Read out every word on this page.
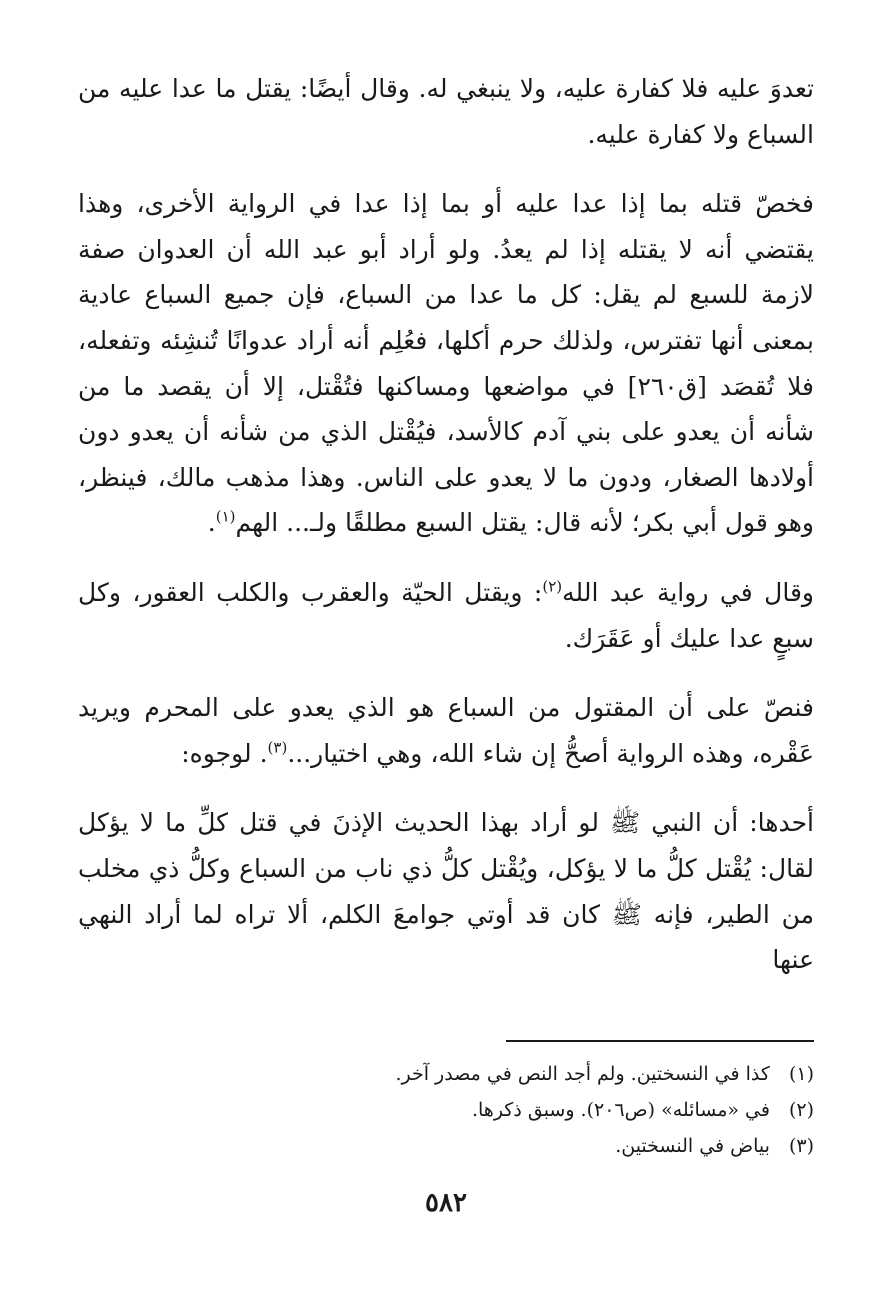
تعدوَ عليه فلا كفارة عليه، ولا ينبغي له. وقال أيضًا: يقتل ما عدا عليه من السباع ولا كفارة عليه.

فخصّ قتله بما إذا عدا عليه أو بما إذا عدا في الرواية الأخرى، وهذا يقتضي أنه لا يقتله إذا لم يعدُ. ولو أراد أبو عبد الله أن العدوان صفة لازمة للسبع لم يقل: كل ما عدا من السباع، فإن جميع السباع عادية بمعنى أنها تفترس، ولذلك حرم أكلها، فعُلِم أنه أراد عدوانًا تُنشِئه وتفعله، فلا تُقصَد [ق٢٦٠] في مواضعها ومساكنها فتُقْتل، إلا أن يقصد ما من شأنه أن يعدو على بني آدم كالأسد، فيُقْتل الذي من شأنه أن يعدو دون أولادها الصغار، ودون ما لا يعدو على الناس. وهذا مذهب مالك، فينظر، وهو قول أبي بكر؛ لأنه قال: يقتل السبع مطلقًا ولـ... الهم$^{(١)}$.

وقال في رواية عبد الله$^{(٢)}$: ويقتل الحيّة والعقرب والكلب العقور، وكل سبعٍ عدا عليك أو عَقَرَك.

فنصّ على أن المقتول من السباع هو الذي يعدو على المحرم ويريد عَقْره، وهذه الرواية أصحُّ إن شاء الله، وهي اختيار...$^{(٣)}$. لوجوه:

أحدها: أن النبي ﷺ لو أراد بهذا الحديث الإذنَ في قتل كلِّ ما لا يؤكل لقال: يُقْتل كلُّ ما لا يؤكل، ويُقْتل كلُّ ذي ناب من السباع وكلُّ ذي مخلب من الطير، فإنه ﷺ كان قد أوتي جوامعَ الكلم، ألا تراه لما أراد النهي عنها

(١) كذا في النسختين. ولم أجد النص في مصدر آخر.

(٢) في «مسائله» (ص٢٠٦). وسبق ذكرها.

(٣) بياض في النسختين.

٥٨٢
